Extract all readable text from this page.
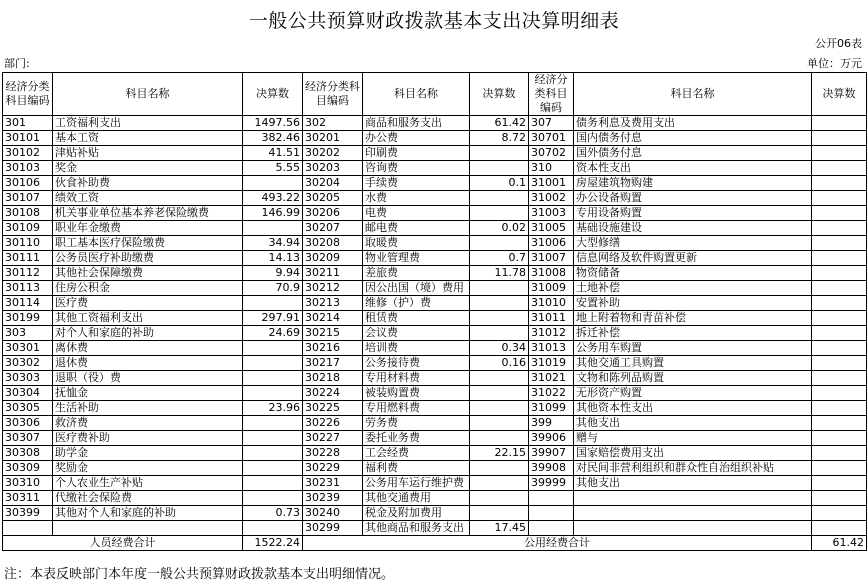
一般公共预算财政拨款基本支出决算明细表
公开06表
部门:	单位：万元
经济分类科目编码	科目名称	决算数	经济分类科目编码	科目名称	决算数	经济分类科目编码	科目名称	决算数
301	工资福利支出	1497.56	302	商品和服务支出	61.42	307	债务利息及费用支出	
30101	基本工资	382.46	30201	办公费	8.72	30701	国内债务付息	
30102	津贴补贴	41.51	30202	印刷费		30702	国外债务付息	
30103	奖金	5.55	30203	咨询费		310	资本性支出	
30106	伙食补助费		30204	手续费	0.1	31001	房屋建筑物购建	
30107	绩效工资	493.22	30205	水费		31002	办公设备购置	
30108	机关事业单位基本养老保险缴费	146.99	30206	电费		31003	专用设备购置	
30109	职业年金缴费		30207	邮电费	0.02	31005	基础设施建设	
30110	职工基本医疗保险缴费	34.94	30208	取暖费		31006	大型修缮	
30111	公务员医疗补助缴费	14.13	30209	物业管理费	0.7	31007	信息网络及软件购置更新	
30112	其他社会保障缴费	9.94	30211	差旅费	11.78	31008	物资储备	
30113	住房公积金	70.9	30212	因公出国（境）费用		31009	土地补偿	
30114	医疗费		30213	维修（护）费		31010	安置补助	
30199	其他工资福利支出	297.91	30214	租赁费		31011	地上附着物和青苗补偿	
303	对个人和家庭的补助	24.69	30215	会议费		31012	拆迁补偿	
30301	离休费		30216	培训费	0.34	31013	公务用车购置	
30302	退休费		30217	公务接待费	0.16	31019	其他交通工具购置	
30303	退职（役）费		30218	专用材料费		31021	文物和陈列品购置	
30304	抚恤金		30224	被装购置费		31022	无形资产购置	
30305	生活补助	23.96	30225	专用燃料费		31099	其他资本性支出	
30306	救济费		30226	劳务费		399	其他支出	
30307	医疗费补助		30227	委托业务费		39906	赠与	
30308	助学金		30228	工会经费	22.15	39907	国家赔偿费用支出	
30309	奖励金		30229	福利费		39908	对民间非营利组织和群众性自治组织补贴	
30310	个人农业生产补贴		30231	公务用车运行维护费		39999	其他支出	
30311	代缴社会保险费		30239	其他交通费用				
30399	其他对个人和家庭的补助	0.73	30240	税金及附加费用				
			30299	其他商品和服务支出	17.45			
人员经费合计		1522.24	公用经费合计					61.42
注：本表反映部门本年度一般公共预算财政拨款基本支出明细情况。
